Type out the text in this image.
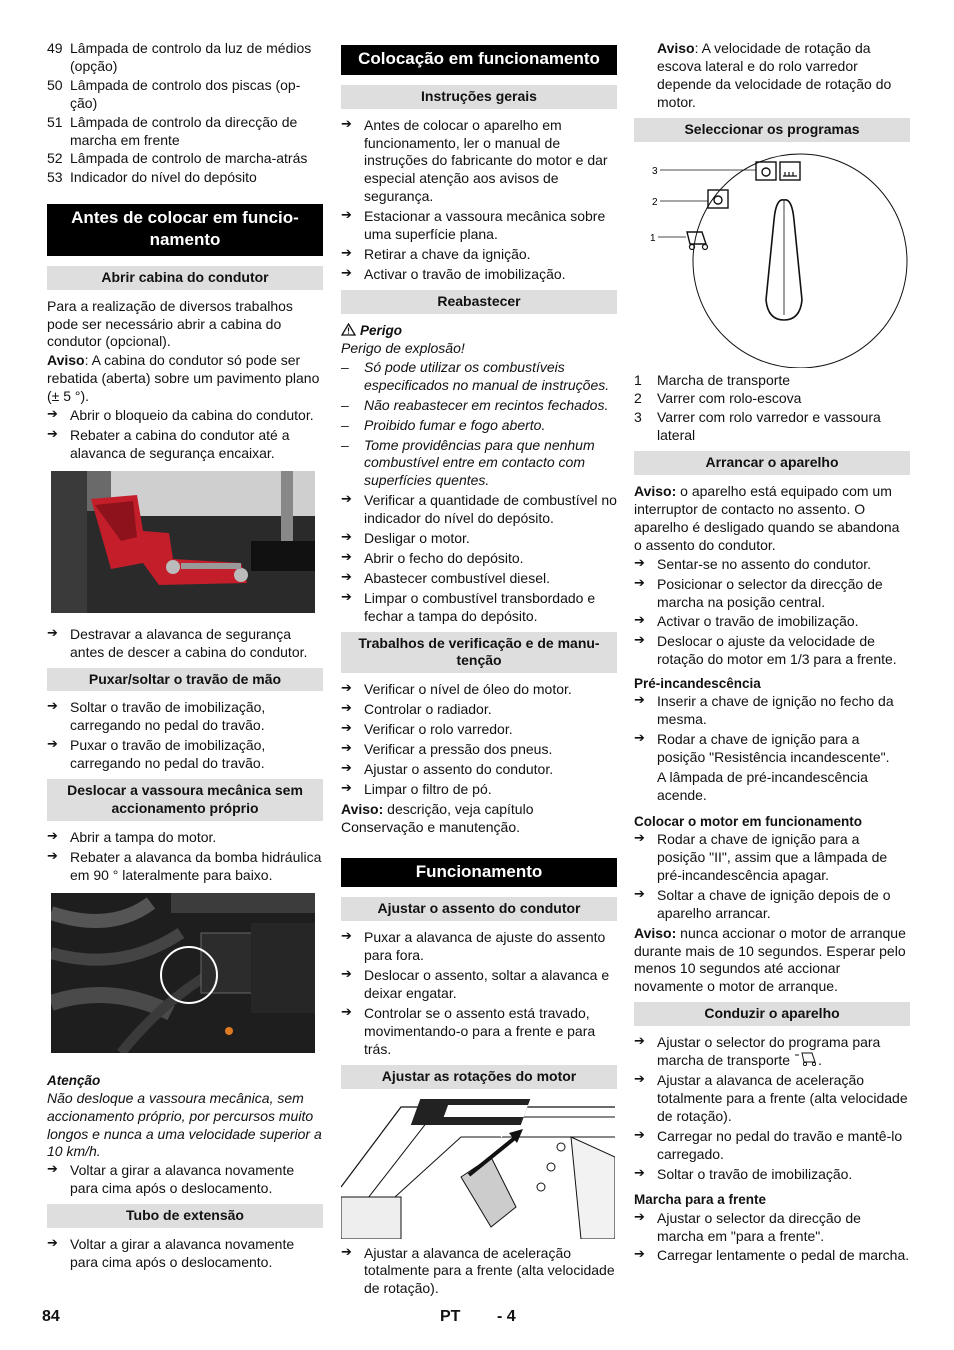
49 Lâmpada de controlo da luz de médios (opção)
50 Lâmpada de controlo dos piscas (op-ção)
51 Lâmpada de controlo da direcção de marcha em frente
52 Lâmpada de controlo de marcha-atrás
53 Indicador do nível do depósito
Antes de colocar em funcio-namento
Abrir cabina do condutor

Para a realização de diversos trabalhos pode ser necessário abrir a cabina do condutor (opcional).

Aviso: A cabina do condutor só pode ser rebatida (aberta) sobre um pavimento plano (± 5 °).

➔ Abrir o bloqueio da cabina do condutor.
➔ Rebater a cabina do condutor até a alavanca de segurança encaixar.
➔ Destravar a alavanca de segurança antes de descer a cabina do condutor.
Puxar/soltar o travão de mão
➔ Soltar o travão de imobilização, carregando no pedal do travão.
➔ Puxar o travão de imobilização, carregando no pedal do travão.
Deslocar a vassoura mecânica sem accionamento próprio
➔ Abrir a tampa do motor.
➔ Rebater a alavanca da bomba hidráulica em 90 ° lateralmente para baixo.
Atenção

Não desloque a vassoura mecânica, sem accionamento próprio, por percursos muito longos e nunca a uma velocidade superior a 10 km/h.

➔ Voltar a girar a alavanca novamente para cima após o deslocamento.
Tubo de extensão
➔ Voltar a girar a alavanca novamente para cima após o deslocamento.
Colocação em funcionamento
Instruções gerais
➔ Antes de colocar o aparelho em funcionamento, ler o manual de instruções do fabricante do motor e dar especial atenção aos avisos de segurança.
➔ Estacionar a vassoura mecânica sobre uma superfície plana.
➔ Retirar a chave da ignição.
➔ Activar o travão de imobilização.
Reabastecer
Perigo

Perigo de explosão!

– Só pode utilizar os combustíveis especificados no manual de instruções.
– Não reabastecer em recintos fechados.
– Proibido fumar e fogo aberto.
– Tome providências para que nenhum combustível entre em contacto com superfícies quentes.
➔ Verificar a quantidade de combustível no indicador do nível do depósito.
➔ Desligar o motor.
➔ Abrir o fecho do depósito.
➔ Abastecer combustível diesel.
➔ Limpar o combustível transbordado e fechar a tampa do depósito.
Trabalhos de verificação e de manu-tenção
➔ Verificar o nível de óleo do motor.
➔ Controlar o radiador.
➔ Verificar o rolo varredor.
➔ Verificar a pressão dos pneus.
➔ Ajustar o assento do condutor.
➔ Limpar o filtro de pó.

Aviso: descrição, veja capítulo Conservação e manutenção.

Funcionamento
Ajustar o assento do condutor
➔ Puxar a alavanca de ajuste do assento para fora.
➔ Deslocar o assento, soltar a alavanca e deixar engatar.
➔ Controlar se o assento está travado, movimentando-o para a frente e para trás.
Ajustar as rotações do motor
➔ Ajustar a alavanca de aceleração totalmente para a frente (alta velocidade de rotação).

Aviso: A velocidade de rotação da escova lateral e do rolo varredor depende da velocidade de rotação do motor.

Seleccionar os programas
3
2
1
1 Marcha de transporte
2 Varrer com rolo-escova
3 Varrer com rolo varredor e vassoura lateral
Arrancar o aparelho

Aviso: o aparelho está equipado com um interruptor de contacto no assento. O aparelho é desligado quando se abandona o assento do condutor.

➔ Sentar-se no assento do condutor.
➔ Posicionar o selector da direcção de marcha na posição central.
➔ Activar o travão de imobilização.
➔ Deslocar o ajuste da velocidade de rotação do motor em 1/3 para a frente.
Pré-incandescência
➔ Inserir a chave de ignição no fecho da mesma.
➔ Rodar a chave de ignição para a posição "Resistência incandescente".

A lâmpada de pré-incandescência acende.

Colocar o motor em funcionamento
➔ Rodar a chave de ignição para a posição "II", assim que a lâmpada de pré-incandescência apagar.
➔ Soltar a chave de ignição depois de o aparelho arrancar.

Aviso: nunca accionar o motor de arranque durante mais de 10 segundos. Esperar pelo menos 10 segundos até accionar novamente o motor de arranque.

Conduzir o aparelho
➔ Ajustar o selector do programa para marcha de transporte .
➔ Ajustar a alavanca de aceleração totalmente para a frente (alta velocidade de rotação).
➔ Carregar no pedal do travão e mantê-lo carregado.
➔ Soltar o travão de imobilização.
Marcha para a frente
➔ Ajustar o selector da direcção de marcha em "para a frente".
➔ Carregar lentamente o pedal de marcha.
84	PT - 4
